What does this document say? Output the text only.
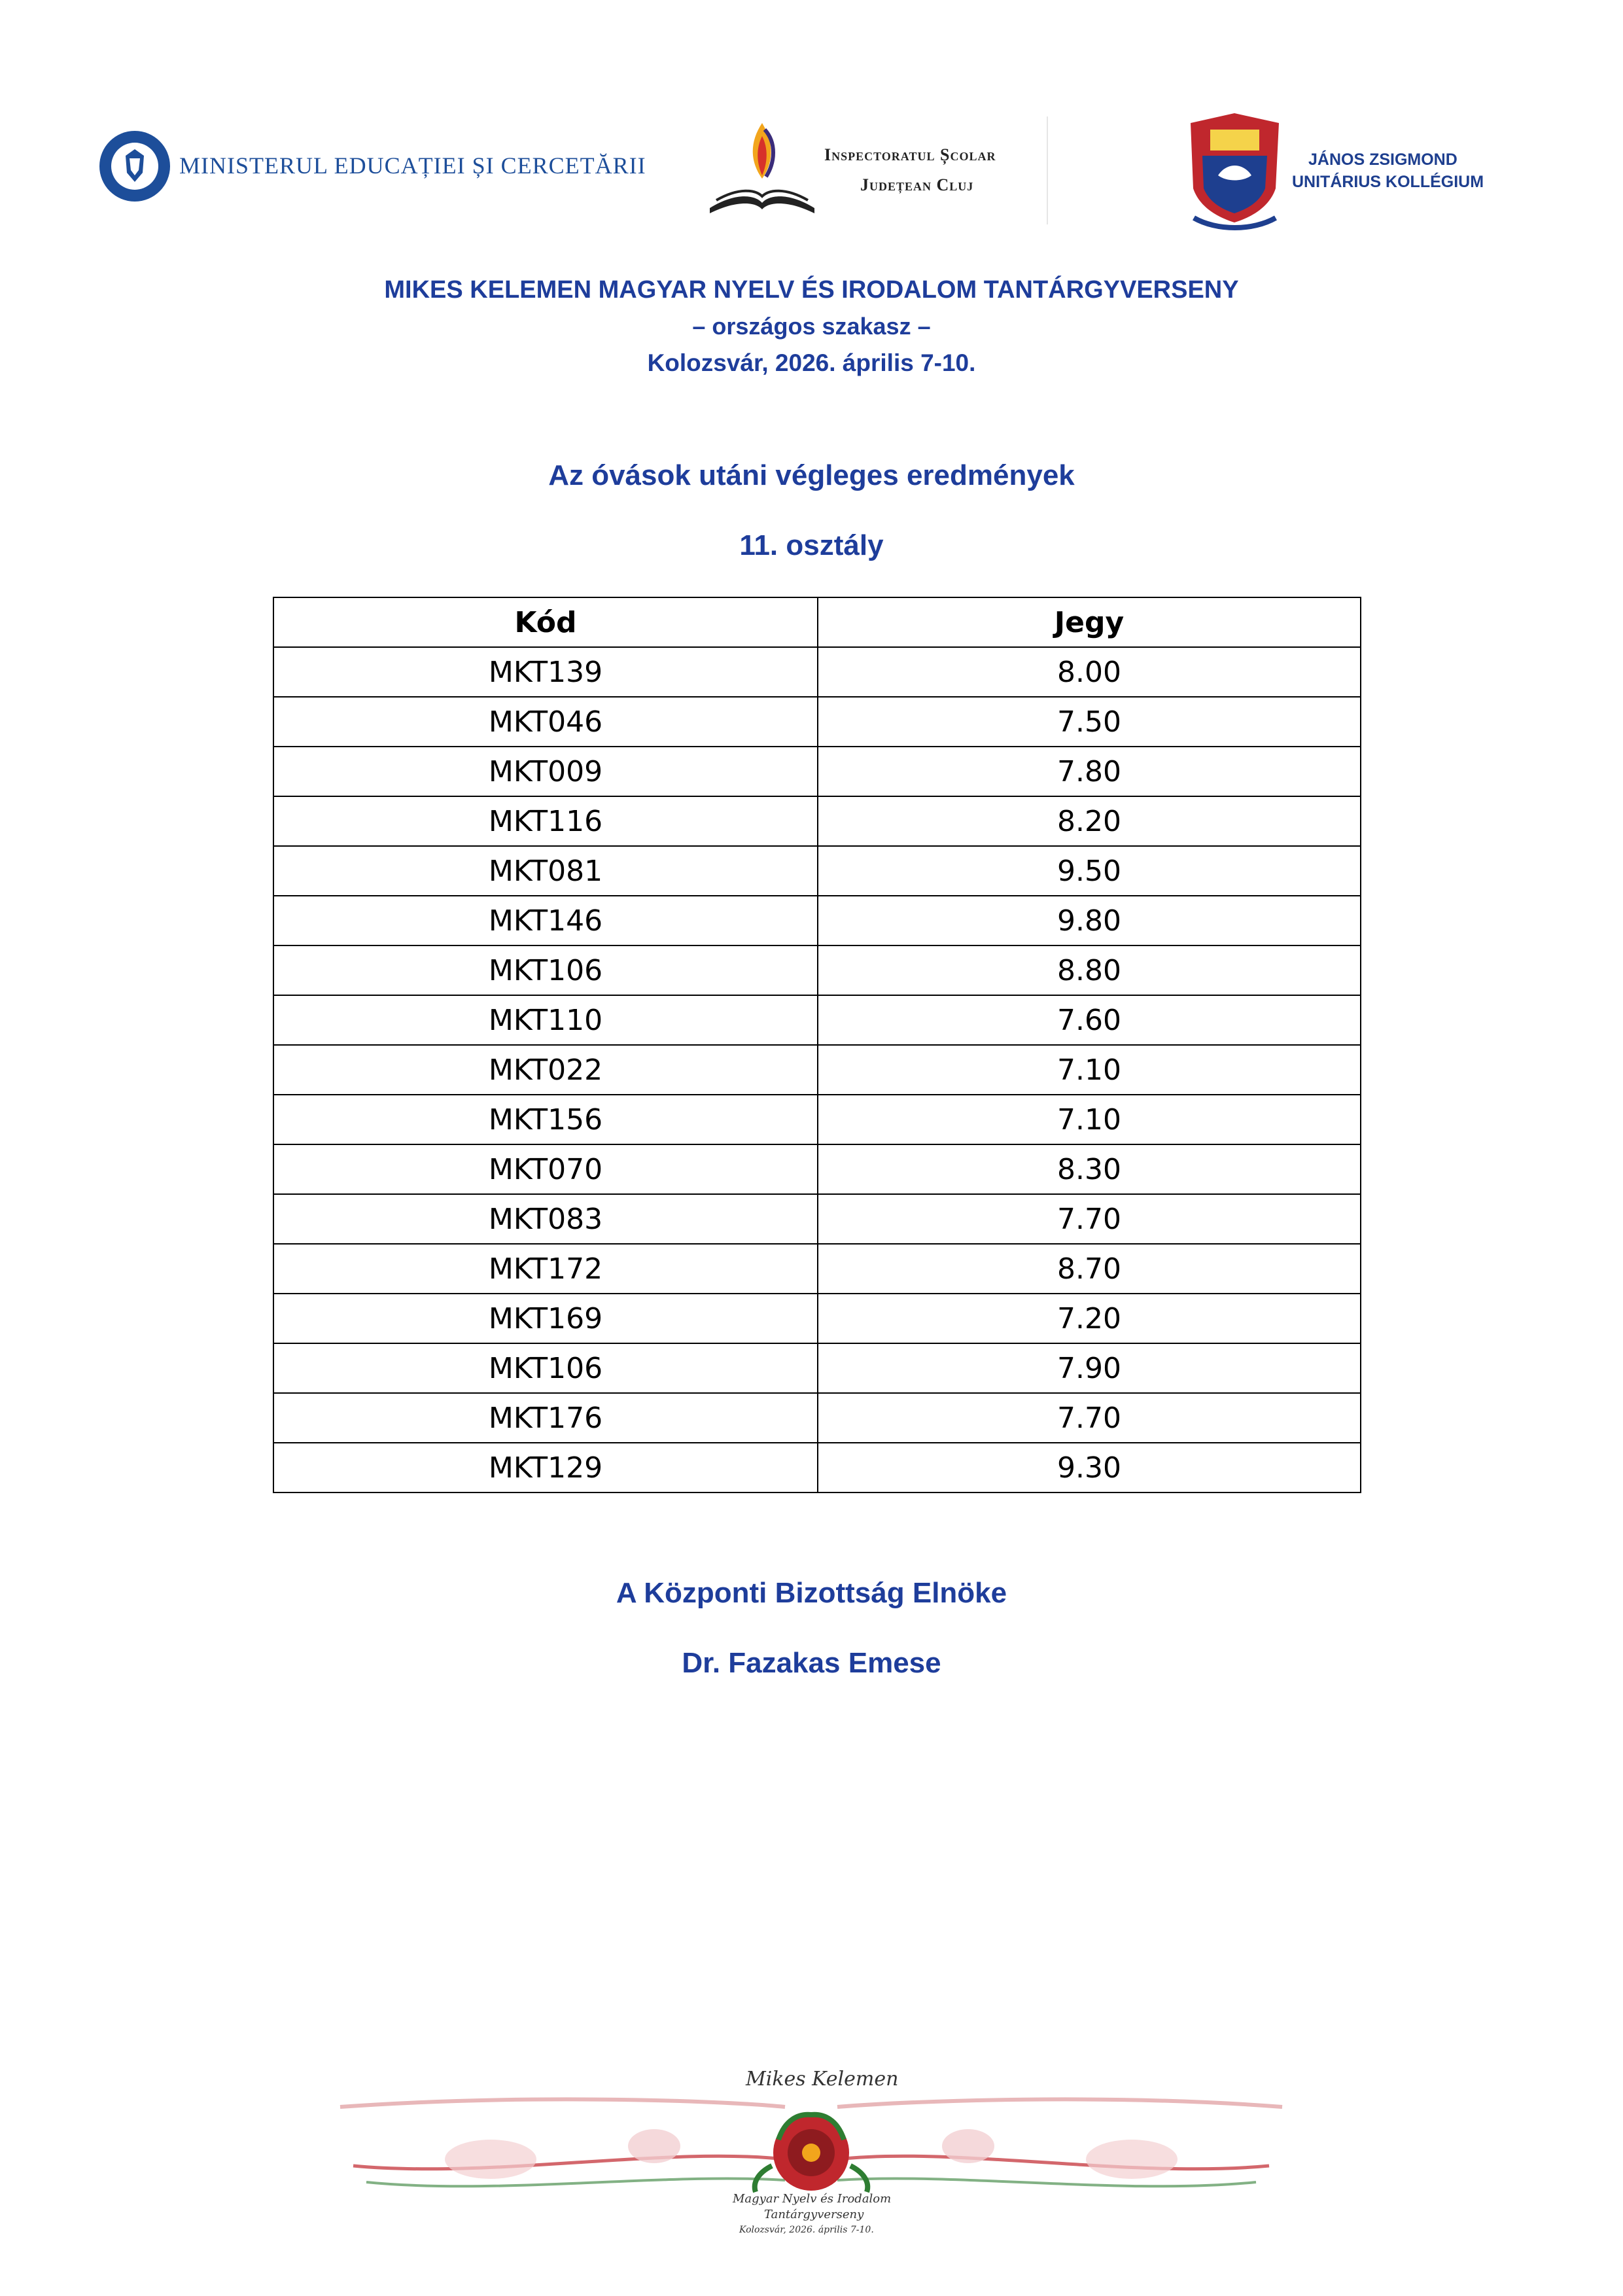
MINISTERUL EDUCAȚIEI ȘI CERCETĂRII	Inspectoratul Școlar
Județean Cluj
JÁNOS ZSIGMOND
UNITÁRIUS KOLLÉGIUM
MIKES KELEMEN MAGYAR NYELV ÉS IRODALOM TANTÁRGYVERSENY
– országos szakasz –
Kolozsvár, 2026. április 7-10.
Az óvások utáni végleges eredmények
11. osztály
Kód	Jegy
MKT139	8.00
MKT046	7.50
MKT009	7.80
MKT116	8.20
MKT081	9.50
MKT146	9.80
MKT106	8.80
MKT110	7.60
MKT022	7.10
MKT156	7.10
MKT070	8.30
MKT083	7.70
MKT172	8.70
MKT169	7.20
MKT106	7.90
MKT176	7.70
MKT129	9.30
A Központi Bizottság Elnöke
Dr. Fazakas Emese
Mikes Kelemen
Magyar Nyelv és Irodalom
Tantárgyverseny
Kolozsvár, 2026. április 7-10.
